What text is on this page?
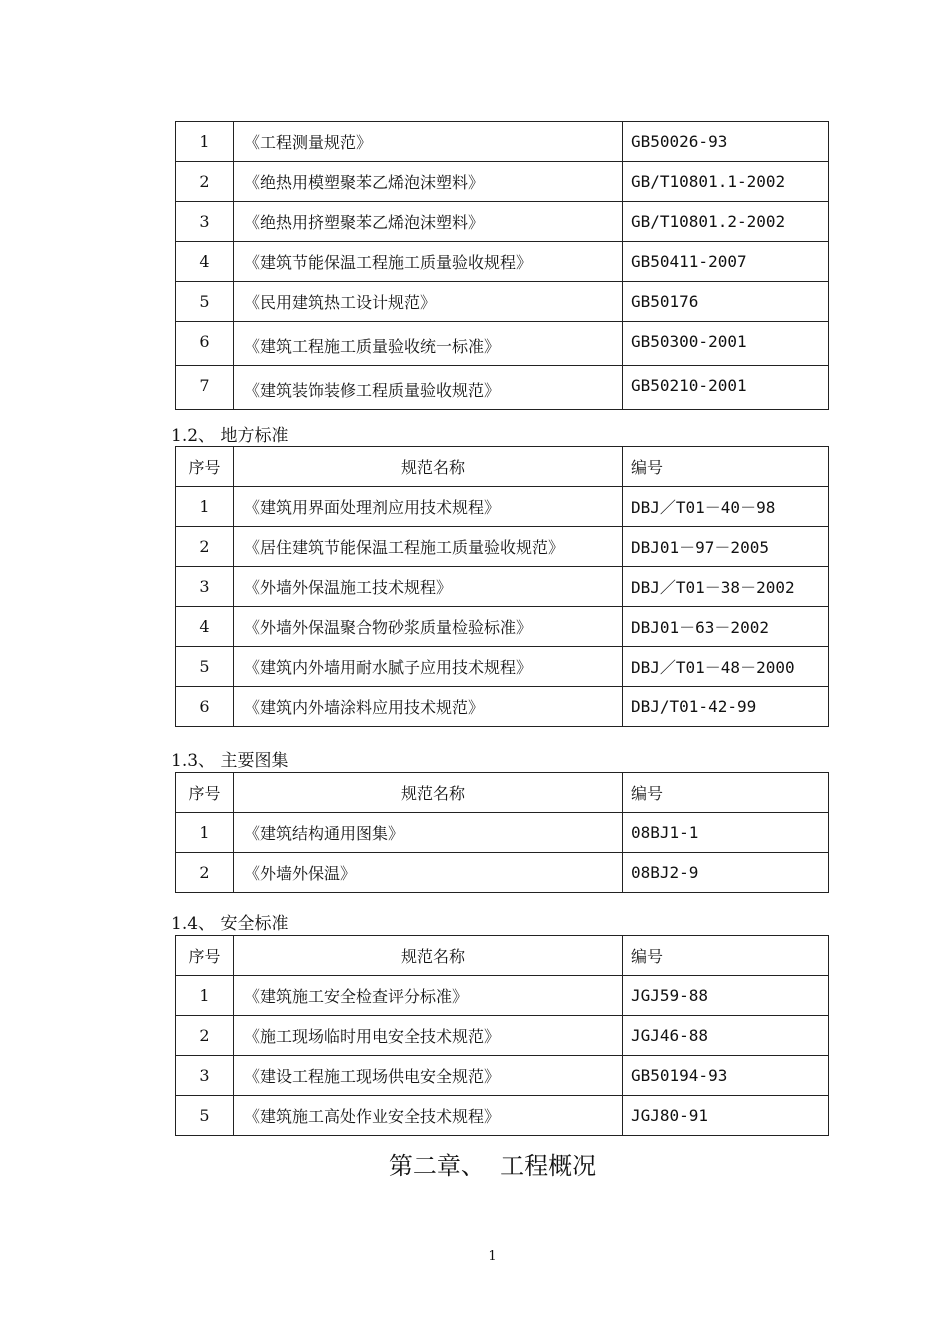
1	《工程测量规范》	GB50026-93
2	《绝热用模塑聚苯乙烯泡沫塑料》	GB/T10801.1-2002
3	《绝热用挤塑聚苯乙烯泡沫塑料》	GB/T10801.2-2002
4	《建筑节能保温工程施工质量验收规程》	GB50411-2007
5	《民用建筑热工设计规范》	GB50176
6	《建筑工程施工质量验收统一标准》	GB50300-2001
7	《建筑装饰装修工程质量验收规范》	GB50210-2001
1.2、 地方标准
序号	规范名称	编号
1	《建筑用界面处理剂应用技术规程》	DBJ／T01－40－98
2	《居住建筑节能保温工程施工质量验收规范》	DBJ01－97－2005
3	《外墙外保温施工技术规程》	DBJ／T01－38－2002
4	《外墙外保温聚合物砂浆质量检验标准》	DBJ01－63－2002
5	《建筑内外墙用耐水腻子应用技术规程》	DBJ／T01－48－2000
6	《建筑内外墙涂料应用技术规范》	DBJ/T01-42-99
1.3、 主要图集
序号	规范名称	编号
1	《建筑结构通用图集》	08BJ1-1
2	《外墙外保温》	08BJ2-9
1.4、 安全标准
序号	规范名称	编号
1	《建筑施工安全检查评分标准》	JGJ59-88
2	《施工现场临时用电安全技术规范》	JGJ46-88
3	《建设工程施工现场供电安全规范》	GB50194-93
5	《建筑施工高处作业安全技术规程》	JGJ80-91
第二章、  工程概况
1
